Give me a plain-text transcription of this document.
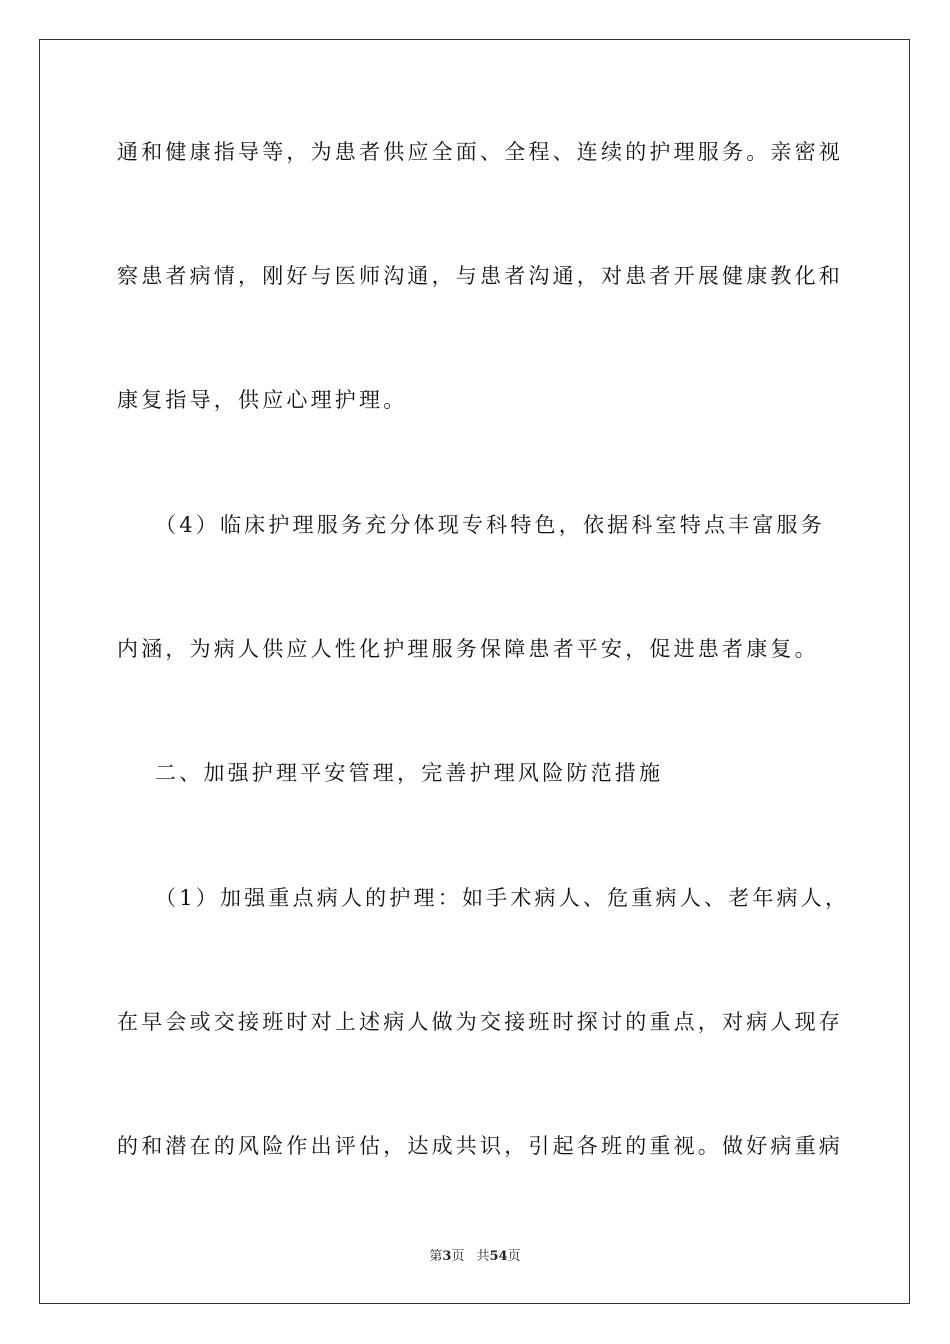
通和健康指导等，为患者供应全面、全程、连续的护理服务。亲密视
察患者病情，刚好与医师沟通，与患者沟通，对患者开展健康教化和
康复指导，供应心理护理。
（4）临床护理服务充分体现专科特色，依据科室特点丰富服务
内涵，为病人供应人性化护理服务保障患者平安，促进患者康复。
二、加强护理平安管理，完善护理风险防范措施
（1）加强重点病人的护理：如手术病人、危重病人、老年病人，
在早会或交接班时对上述病人做为交接班时探讨的重点，对病人现存
的和潜在的风险作出评估，达成共识，引起各班的重视。做好病重病
第3页 共54页
